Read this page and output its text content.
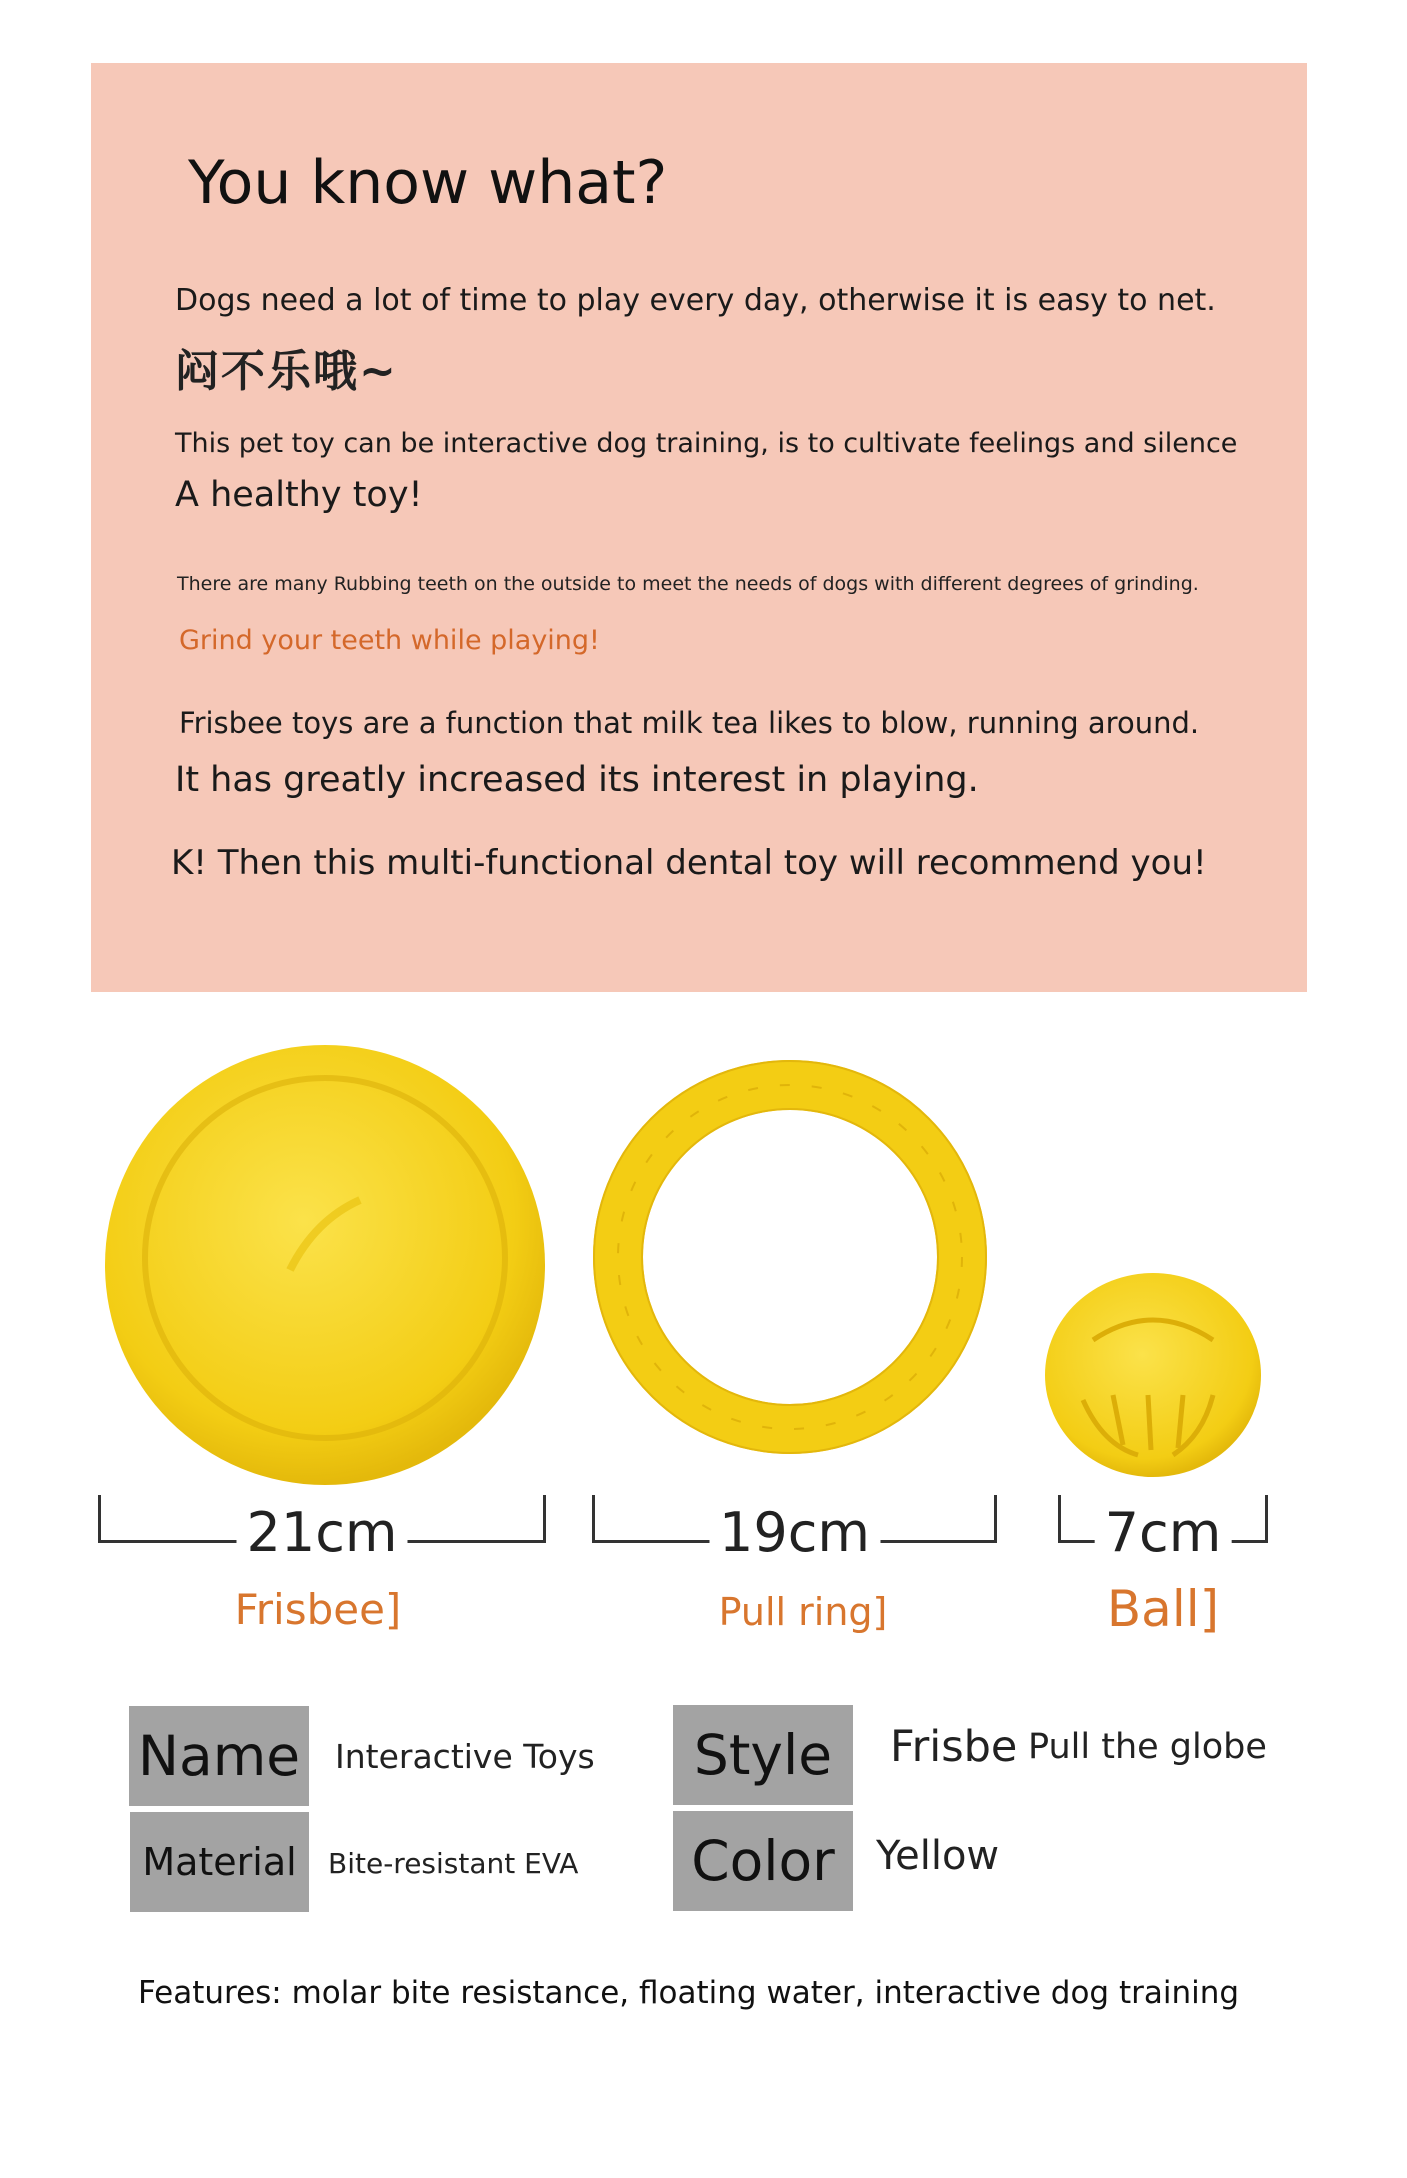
You know what?
Dogs need a lot of time to play every day, otherwise it is easy to net.
闷不乐哦~
This pet toy can be interactive dog training, is to cultivate feelings and silence
A healthy toy!
There are many Rubbing teeth on the outside to meet the needs of dogs with different degrees of grinding.
Grind your teeth while playing!
Frisbee toys are a function that milk tea likes to blow, running around.
It has greatly increased its interest in playing.
K! Then this multi-functional dental toy will recommend you!
21cm	19cm	7cm
Frisbee]	Pull ring]	Ball]
Name Interactive Toys
Material	Bite-resistant EVA
Style	Frisbe Pull the globe
Color	Yellow
Features: molar bite resistance, floating water, interactive dog training
